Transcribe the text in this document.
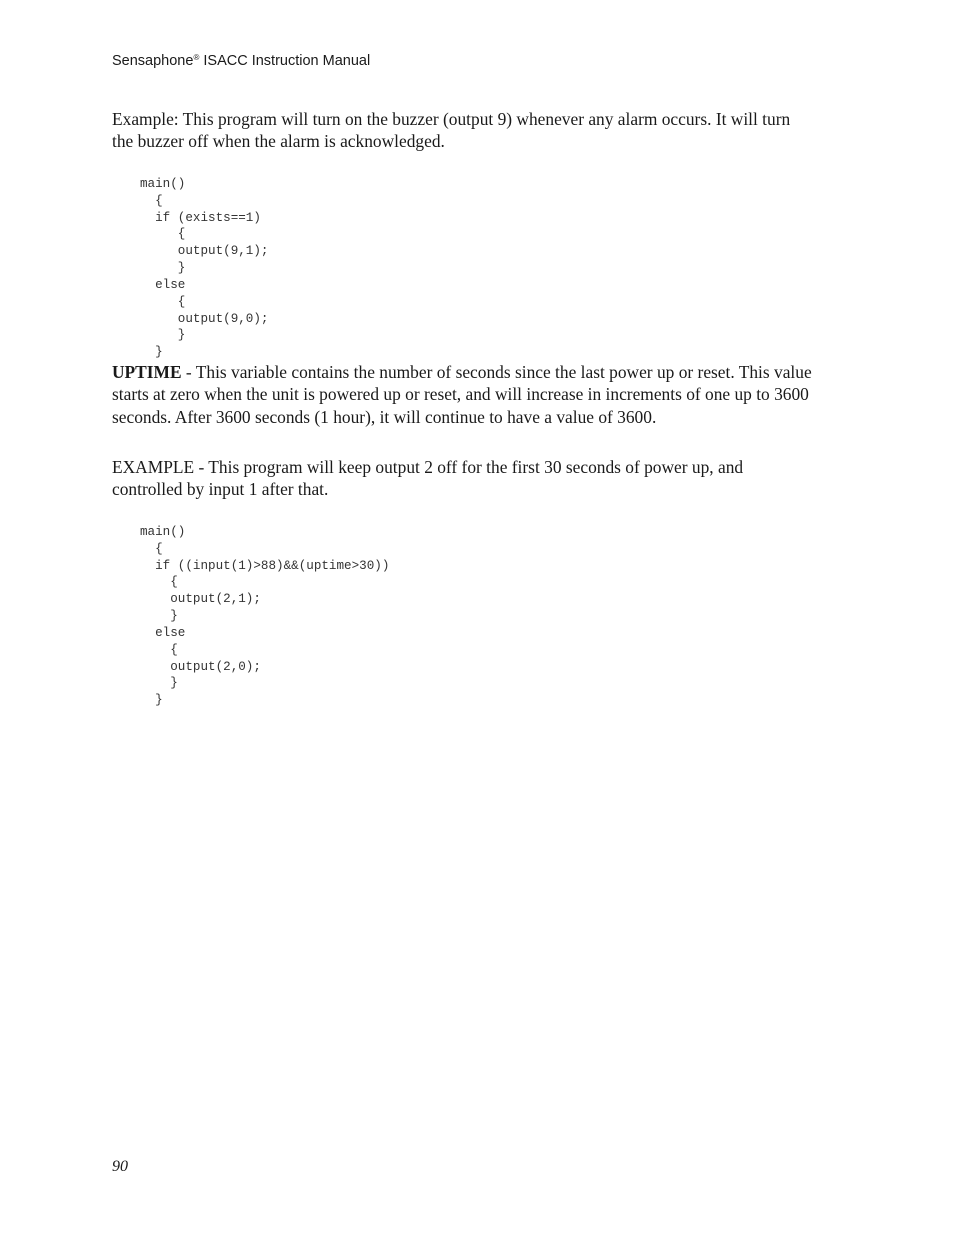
Sensaphone® ISACC Instruction Manual

Example: This program will turn on the buzzer (output 9) whenever any alarm occurs. It will turn the buzzer off when the alarm is acknowledged.

main()
{
if (exists==1)
{
output(9,1);
}
else
{
output(9,0);
}
}

UPTIME - This variable contains the number of seconds since the last power up or reset. This value starts at zero when the unit is powered up or reset, and will increase in increments of one up to 3600 seconds. After 3600 seconds (1 hour), it will continue to have a value of 3600.

EXAMPLE - This program will keep output 2 off for the first 30 seconds of power up, and controlled by input 1 after that.

main()
{
if ((input(1)>88)&&(uptime>30))
{
output(2,1);
}
else
{
output(2,0);
}
}

90
